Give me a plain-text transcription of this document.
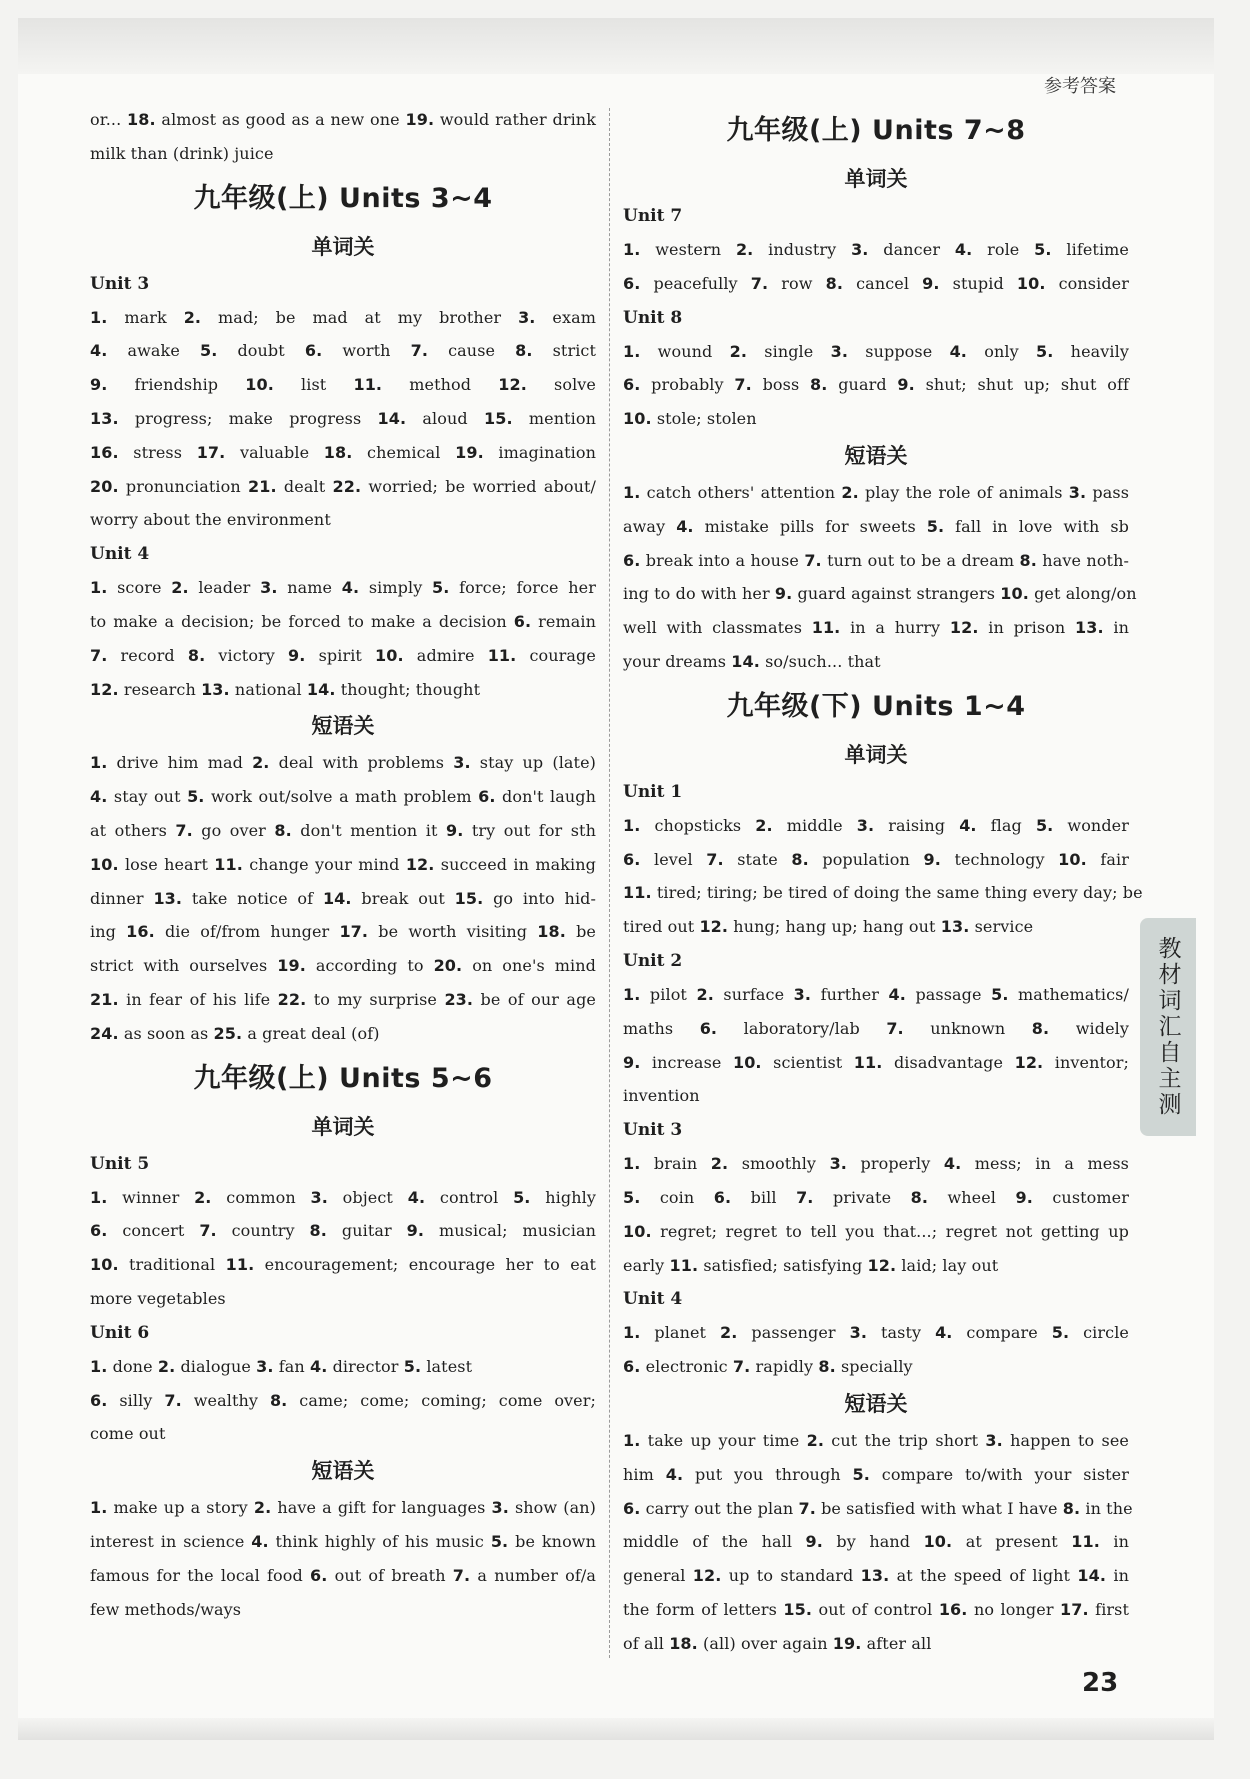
参考答案
or... 18. almost as good as a new one 19. would rather drink
milk than (drink) juice
九年级(上) Units 3~4
单词关
Unit 3
1. mark 2. mad; be mad at my brother 3. exam
4. awake 5. doubt 6. worth 7. cause 8. strict
9. friendship 10. list 11. method 12. solve
13. progress; make progress 14. aloud 15. mention
16. stress 17. valuable 18. chemical 19. imagination
20. pronunciation 21. dealt 22. worried; be worried about/
worry about the environment
Unit 4
1. score 2. leader 3. name 4. simply 5. force; force her
to make a decision; be forced to make a decision 6. remain
7. record 8. victory 9. spirit 10. admire 11. courage
12. research 13. national 14. thought; thought
短语关
1. drive him mad 2. deal with problems 3. stay up (late)
4. stay out 5. work out/solve a math problem 6. don't laugh
at others 7. go over 8. don't mention it 9. try out for sth
10. lose heart 11. change your mind 12. succeed in making
dinner 13. take notice of 14. break out 15. go into hid-
ing 16. die of/from hunger 17. be worth visiting 18. be
strict with ourselves 19. according to 20. on one's mind
21. in fear of his life 22. to my surprise 23. be of our age
24. as soon as 25. a great deal (of)
九年级(上) Units 5~6
单词关
Unit 5
1. winner 2. common 3. object 4. control 5. highly
6. concert 7. country 8. guitar 9. musical; musician
10. traditional 11. encouragement; encourage her to eat
more vegetables
Unit 6
1. done 2. dialogue 3. fan 4. director 5. latest
6. silly 7. wealthy 8. came; come; coming; come over;
come out
短语关
1. make up a story 2. have a gift for languages 3. show (an)
interest in science 4. think highly of his music 5. be known
famous for the local food 6. out of breath 7. a number of/a
few methods/ways
九年级(上) Units 7~8
单词关
Unit 7
1. western 2. industry 3. dancer 4. role 5. lifetime
6. peacefully 7. row 8. cancel 9. stupid 10. consider
Unit 8
1. wound 2. single 3. suppose 4. only 5. heavily
6. probably 7. boss 8. guard 9. shut; shut up; shut off
10. stole; stolen
短语关
1. catch others' attention 2. play the role of animals 3. pass
away 4. mistake pills for sweets 5. fall in love with sb
6. break into a house 7. turn out to be a dream 8. have noth-
ing to do with her 9. guard against strangers 10. get along/on
well with classmates 11. in a hurry 12. in prison 13. in
your dreams 14. so/such... that
九年级(下) Units 1~4
单词关
Unit 1
1. chopsticks 2. middle 3. raising 4. flag 5. wonder
6. level 7. state 8. population 9. technology 10. fair
11. tired; tiring; be tired of doing the same thing every day; be
tired out 12. hung; hang up; hang out 13. service
Unit 2
1. pilot 2. surface 3. further 4. passage 5. mathematics/
maths 6. laboratory/lab 7. unknown 8. widely
9. increase 10. scientist 11. disadvantage 12. inventor;
invention
Unit 3
1. brain 2. smoothly 3. properly 4. mess; in a mess
5. coin 6. bill 7. private 8. wheel 9. customer
10. regret; regret to tell you that...; regret not getting up
early 11. satisfied; satisfying 12. laid; lay out
Unit 4
1. planet 2. passenger 3. tasty 4. compare 5. circle
6. electronic 7. rapidly 8. specially
短语关
1. take up your time 2. cut the trip short 3. happen to see
him 4. put you through 5. compare to/with your sister
6. carry out the plan 7. be satisfied with what I have 8. in the
middle of the hall 9. by hand 10. at present 11. in
general 12. up to standard 13. at the speed of light 14. in
the form of letters 15. out of control 16. no longer 17. first
of all 18. (all) over again 19. after all
教材词汇自主测
23
